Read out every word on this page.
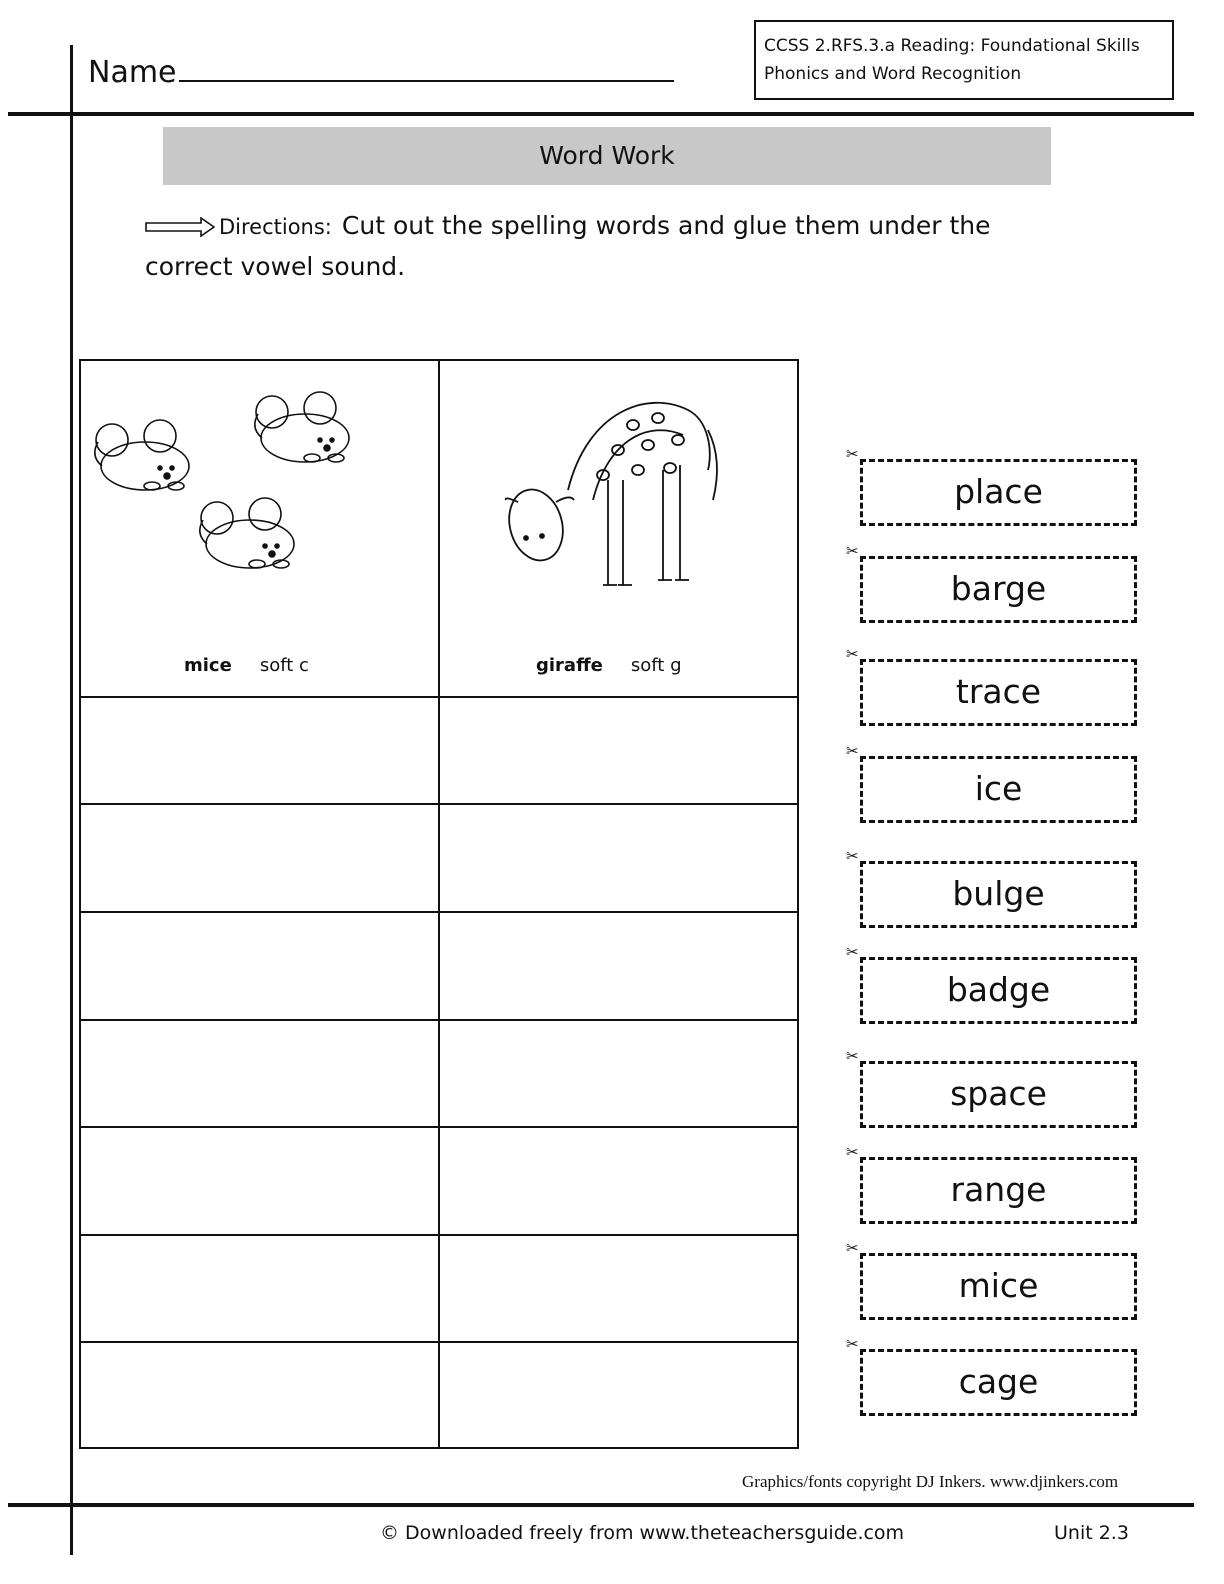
Name
CCSS 2.RFS.3.a Reading: Foundational Skills
Phonics and Word Recognition
Word Work
Directions: Cut out the spelling words and glue them under the correct vowel sound.
mice soft c	giraffe soft g
✂
place
✂
barge
✂
trace
✂
ice
✂
bulge
✂
badge
✂
space
✂
range
✂
mice
✂
cage
Graphics/fonts copyright DJ Inkers. www.djinkers.com
© Downloaded freely from www.theteachersguide.com	Unit 2.3
